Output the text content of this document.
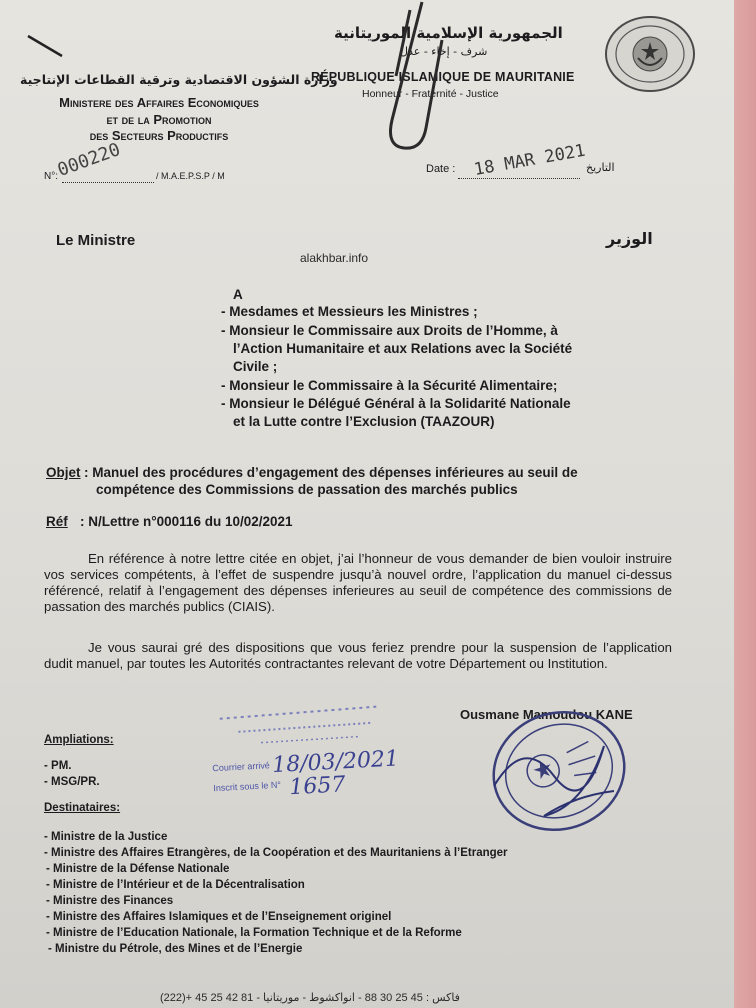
الجمهورية الإسلامية الموريتانية
شرف - إخاء - عدل
RÉPUBLIQUE ISLAMIQUE DE MAURITANIE
Honneur - Fraternité - Justice
وزارة الشؤون الاقتصادية وترقية القطاعات الإنتاجية
Ministere des Affaires Economiques
et de la Promotion
des Secteurs Productifs
N°:
000220	/ M.A.E.P.S.P / M
Date : 18 MAR 2021 التاريخ
Le Ministre	الوزير
alakhbar.info
A
- Mesdames et Messieurs les Ministres ;
- Monsieur le Commissaire aux Droits de l’Homme, à
l’Action Humanitaire et aux Relations avec la Société
Civile ;
- Monsieur le Commissaire à la Sécurité Alimentaire;
- Monsieur le Délégué Général à la Solidarité Nationale
et la Lutte contre l’Exclusion (TAAZOUR)
Objet : Manuel des procédures d’engagement des dépenses inférieures au seuil de
compétence des Commissions de passation des marchés publics
Réf : N/Lettre n°000116 du 10/02/2021
En référence à notre lettre citée en objet, j’ai l’honneur de vous demander de bien vouloir instruire vos services compétents, à l’effet de suspendre jusqu’à nouvel ordre, l’application du manuel ci-dessus référencé, relatif à l’engagement des dépenses inferieures au seuil de compétence des commissions de passation des marchés publics (CIAIS).
Je vous saurai gré des dispositions que vous feriez prendre pour la suspension de l’application dudit manuel, par toutes les Autorités contractantes relevant de votre Département ou Institution.
Ousmane Mamoudou KANE
Ampliations:
- PM.
- MSG/PR.
Courrier arrivé 18/03/2021
Inscrit sous le N° 1657
Destinataires:
- Ministre de la Justice
- Ministre des Affaires Etrangères, de la Coopération et des Mauritaniens à l’Etranger
- Ministre de la Défense Nationale
- Ministre de l’Intérieur et de la Décentralisation
- Ministre des Finances
- Ministre des Affaires Islamiques et de l’Enseignement originel
- Ministre de l’Education Nationale, la Formation Technique et de la Reforme
- Ministre du Pétrole, des Mines et de l’Energie
(222)+ 45 25 42 81 - فاكس : 45 25 30 88 - انواكشوط - موريتانيا
